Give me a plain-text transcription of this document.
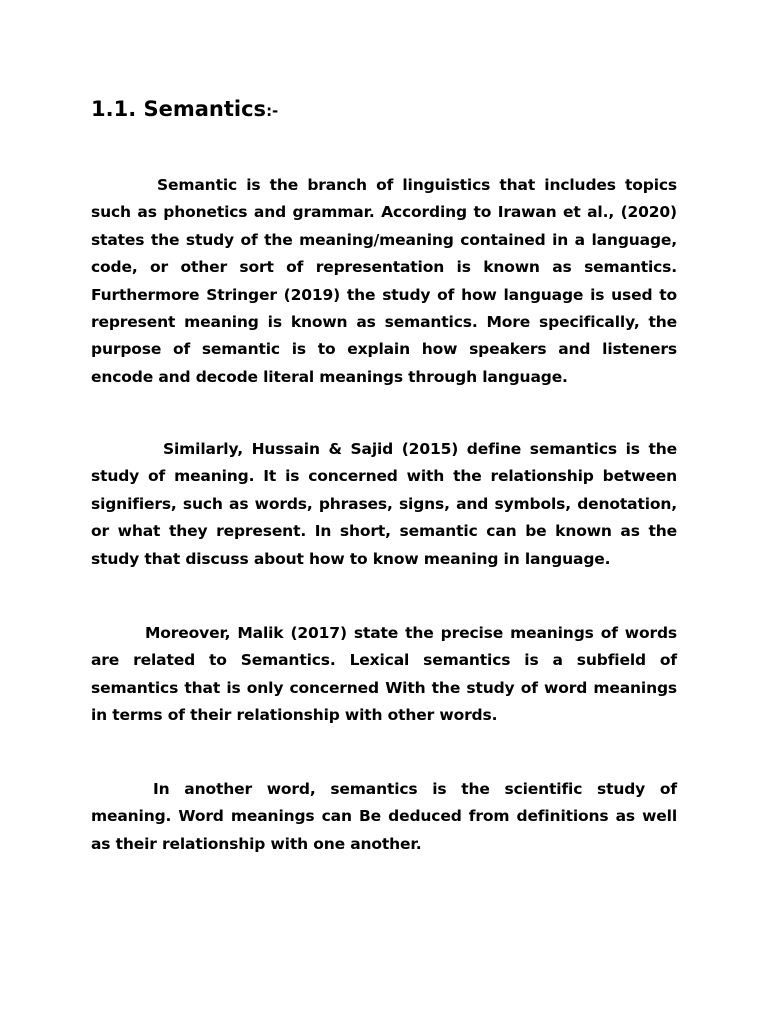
1.1. Semantics:-

Semantic is the branch of linguistics that includes topics such as phonetics and grammar. According to Irawan et al., (2020) states the study of the meaning/meaning contained in a language, code, or other sort of representation is known as semantics. Furthermore Stringer (2019) the study of how language is used to represent meaning is known as semantics. More specifically, the purpose of semantic is to explain how speakers and listeners encode and decode literal meanings through language.

Similarly, Hussain & Sajid (2015) define semantics is the study of meaning. It is concerned with the relationship between signifiers, such as words, phrases, signs, and symbols, denotation, or what they represent. In short, semantic can be known as the study that discuss about how to know meaning in language.

Moreover, Malik (2017) state the precise meanings of words are related to Semantics. Lexical semantics is a subfield of semantics that is only concerned With the study of word meanings in terms of their relationship with other words.

In another word, semantics is the scientific study of meaning. Word meanings can Be deduced from definitions as well as their relationship with one another.
